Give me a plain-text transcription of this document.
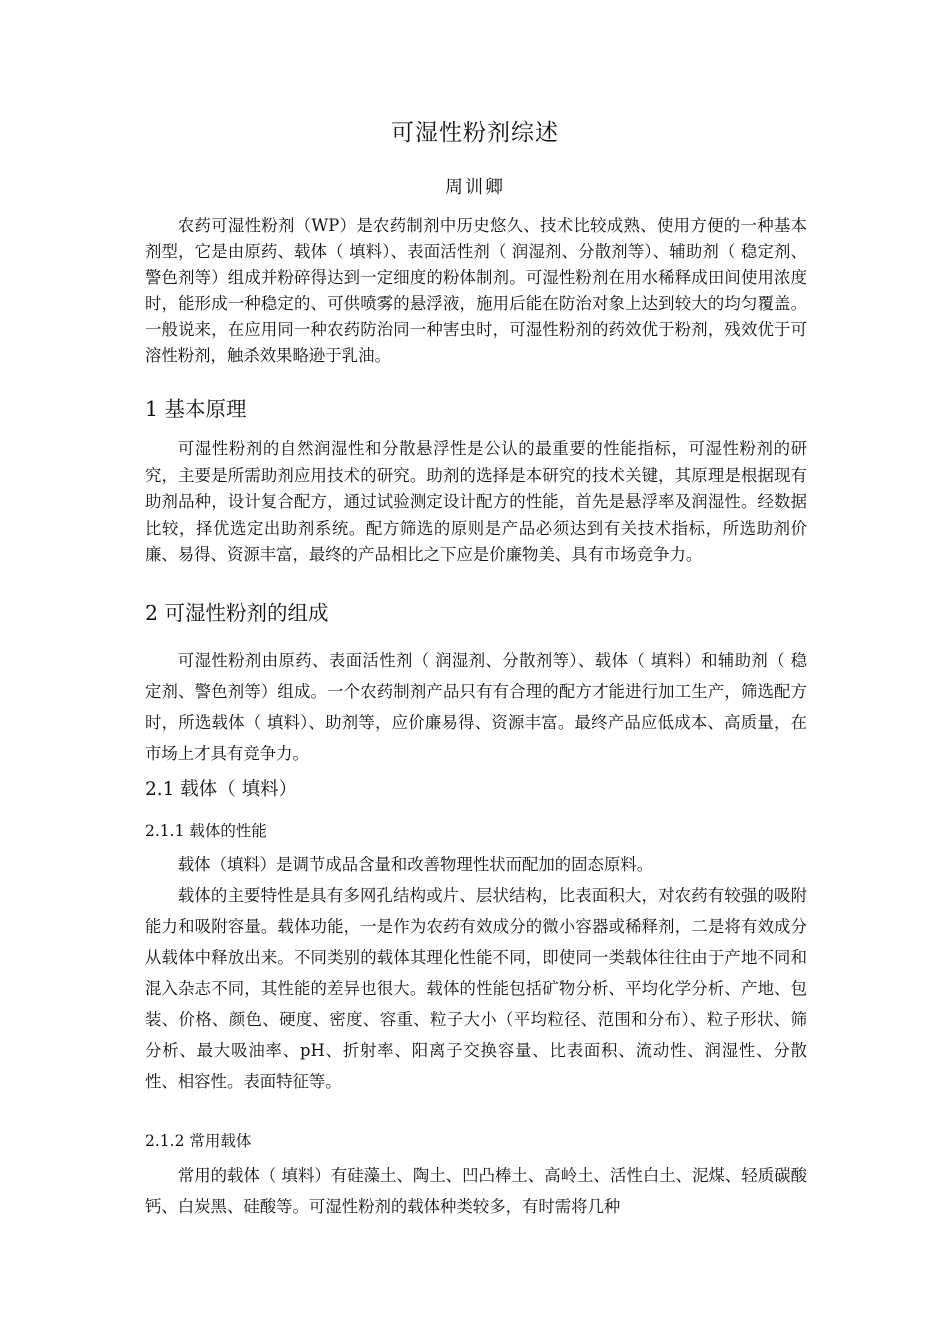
可湿性粉剂综述
周训卿

农药可湿性粉剂（WP）是农药制剂中历史悠久、技术比较成熟、使用方便的一种基本剂型，它是由原药、载体（ 填料）、表面活性剂（ 润湿剂、分散剂等）、辅助剂（ 稳定剂、警色剂等）组成并粉碎得达到一定细度的粉体制剂。可湿性粉剂在用水稀释成田间使用浓度时，能形成一种稳定的、可供喷雾的悬浮液，施用后能在防治对象上达到较大的均匀覆盖。一般说来，在应用同一种农药防治同一种害虫时，可湿性粉剂的药效优于粉剂，残效优于可溶性粉剂，触杀效果略逊于乳油。

1 基本原理

可湿性粉剂的自然润湿性和分散悬浮性是公认的最重要的性能指标，可湿性粉剂的研究，主要是所需助剂应用技术的研究。助剂的选择是本研究的技术关键，其原理是根据现有助剂品种，设计复合配方，通过试验测定设计配方的性能，首先是悬浮率及润湿性。经数据比较，择优选定出助剂系统。配方筛选的原则是产品必须达到有关技术指标，所选助剂价廉、易得、资源丰富，最终的产品相比之下应是价廉物美、具有市场竞争力。

2 可湿性粉剂的组成

可湿性粉剂由原药、表面活性剂（ 润湿剂、分散剂等）、载体（ 填料）和辅助剂（ 稳定剂、警色剂等）组成。一个农药制剂产品只有有合理的配方才能进行加工生产，筛选配方时，所选载体（ 填料）、助剂等，应价廉易得、资源丰富。最终产品应低成本、高质量，在市场上才具有竞争力。

2.1 载体（ 填料）
2.1.1 载体的性能

载体（填料）是调节成品含量和改善物理性状而配加的固态原料。

载体的主要特性是具有多网孔结构或片、层状结构，比表面积大，对农药有较强的吸附能力和吸附容量。载体功能，一是作为农药有效成分的微小容器或稀释剂，二是将有效成分从载体中释放出来。不同类别的载体其理化性能不同，即使同一类载体往往由于产地不同和混入杂志不同，其性能的差异也很大。载体的性能包括矿物分析、平均化学分析、产地、包装、价格、颜色、硬度、密度、容重、粒子大小（平均粒径、范围和分布）、粒子形状、筛分析、最大吸油率、pH、折射率、阳离子交换容量、比表面积、流动性、润湿性、分散性、相容性。表面特征等。

2.1.2 常用载体

常用的载体（ 填料）有硅藻土、陶土、凹凸棒土、高岭土、活性白土、泥煤、轻质碳酸钙、白炭黑、硅酸等。可湿性粉剂的载体种类较多，有时需将几种
